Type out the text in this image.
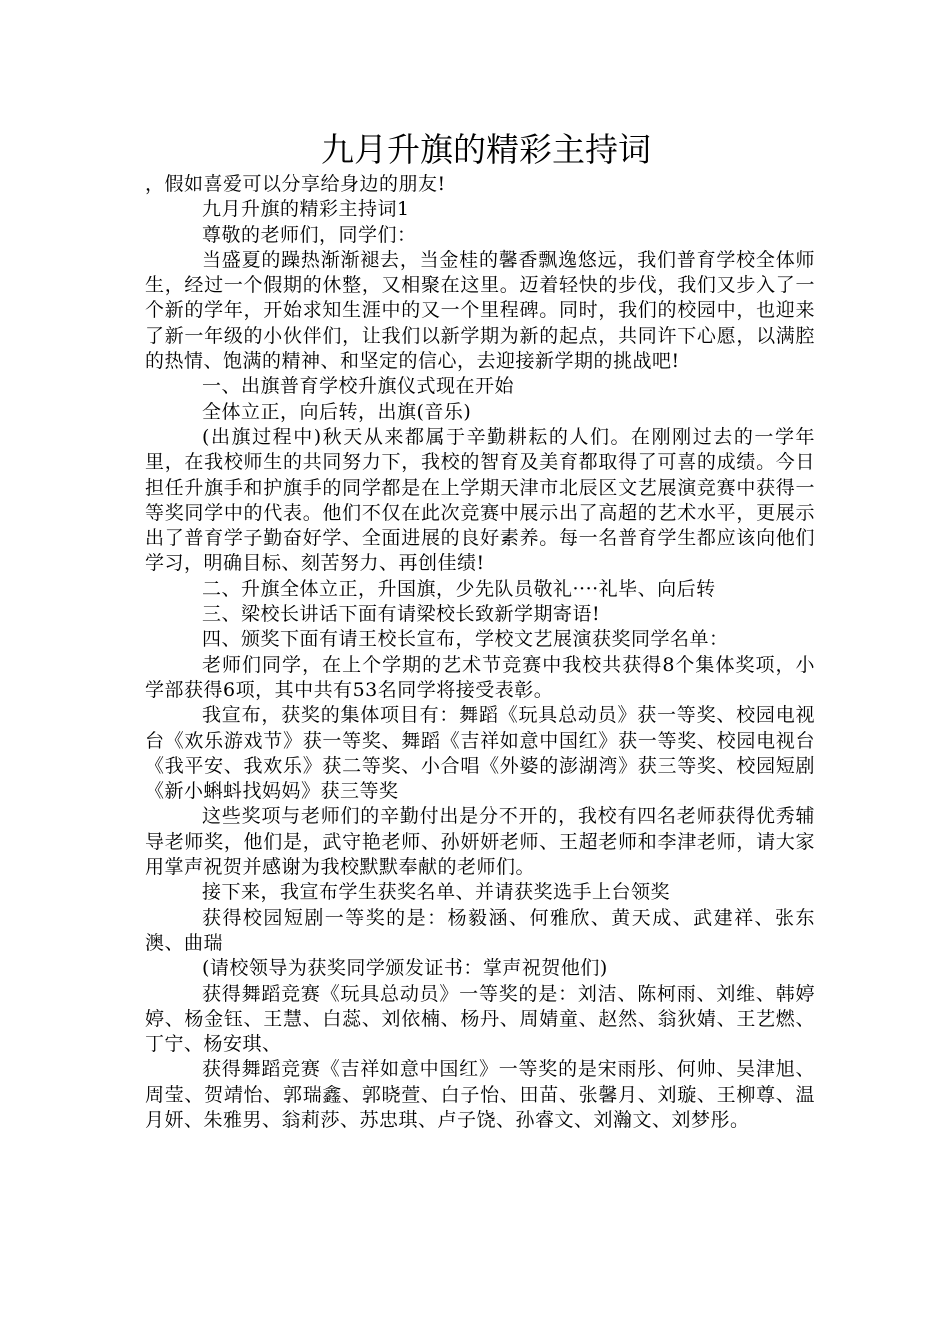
九月升旗的精彩主持词

，假如喜爱可以分享给身边的朋友!

九月升旗的精彩主持词1

尊敬的老师们，同学们：

当盛夏的躁热渐渐褪去，当金桂的馨香飘逸悠远，我们普育学校全体师生，经过一个假期的休整，又相聚在这里。迈着轻快的步伐，我们又步入了一个新的学年，开始求知生涯中的又一个里程碑。同时，我们的校园中，也迎来了新一年级的小伙伴们，让我们以新学期为新的起点，共同许下心愿，以满腔的热情、饱满的精神、和坚定的信心，去迎接新学期的挑战吧!

一、出旗普育学校升旗仪式现在开始

全体立正，向后转，出旗(音乐)

(出旗过程中)秋天从来都属于辛勤耕耘的人们。在刚刚过去的一学年里，在我校师生的共同努力下，我校的智育及美育都取得了可喜的成绩。今日担任升旗手和护旗手的同学都是在上学期天津市北辰区文艺展演竞赛中获得一等奖同学中的代表。他们不仅在此次竞赛中展示出了高超的艺术水平，更展示出了普育学子勤奋好学、全面进展的良好素养。每一名普育学生都应该向他们学习，明确目标、刻苦努力、再创佳绩!

二、升旗全体立正，升国旗，少先队员敬礼····礼毕、向后转

三、梁校长讲话下面有请梁校长致新学期寄语!

四、颁奖下面有请王校长宣布，学校文艺展演获奖同学名单：

老师们同学，在上个学期的艺术节竞赛中我校共获得8个集体奖项，小学部获得6项，其中共有53名同学将接受表彰。

我宣布，获奖的集体项目有：舞蹈《玩具总动员》获一等奖、校园电视台《欢乐游戏节》获一等奖、舞蹈《吉祥如意中国红》获一等奖、校园电视台《我平安、我欢乐》获二等奖、小合唱《外婆的澎湖湾》获三等奖、校园短剧《新小蝌蚪找妈妈》获三等奖

这些奖项与老师们的辛勤付出是分不开的，我校有四名老师获得优秀辅导老师奖，他们是，武守艳老师、孙妍妍老师、王超老师和李津老师，请大家用掌声祝贺并感谢为我校默默奉献的老师们。

接下来，我宣布学生获奖名单、并请获奖选手上台领奖

获得校园短剧一等奖的是：杨毅涵、何雅欣、黄天成、武建祥、张东澳、曲瑞

(请校领导为获奖同学颁发证书：掌声祝贺他们)

获得舞蹈竞赛《玩具总动员》一等奖的是：刘洁、陈柯雨、刘维、韩婷婷、杨金钰、王慧、白蕊、刘依楠、杨丹、周婧童、赵然、翁狄婧、王艺燃、丁宁、杨安琪、

获得舞蹈竞赛《吉祥如意中国红》一等奖的是宋雨彤、何帅、吴津旭、周莹、贺靖怡、郭瑞鑫、郭晓萱、白子怡、田苗、张馨月、刘璇、王柳尊、温月妍、朱雅男、翁莉莎、苏忠琪、卢子饶、孙睿文、刘瀚文、刘梦彤。
